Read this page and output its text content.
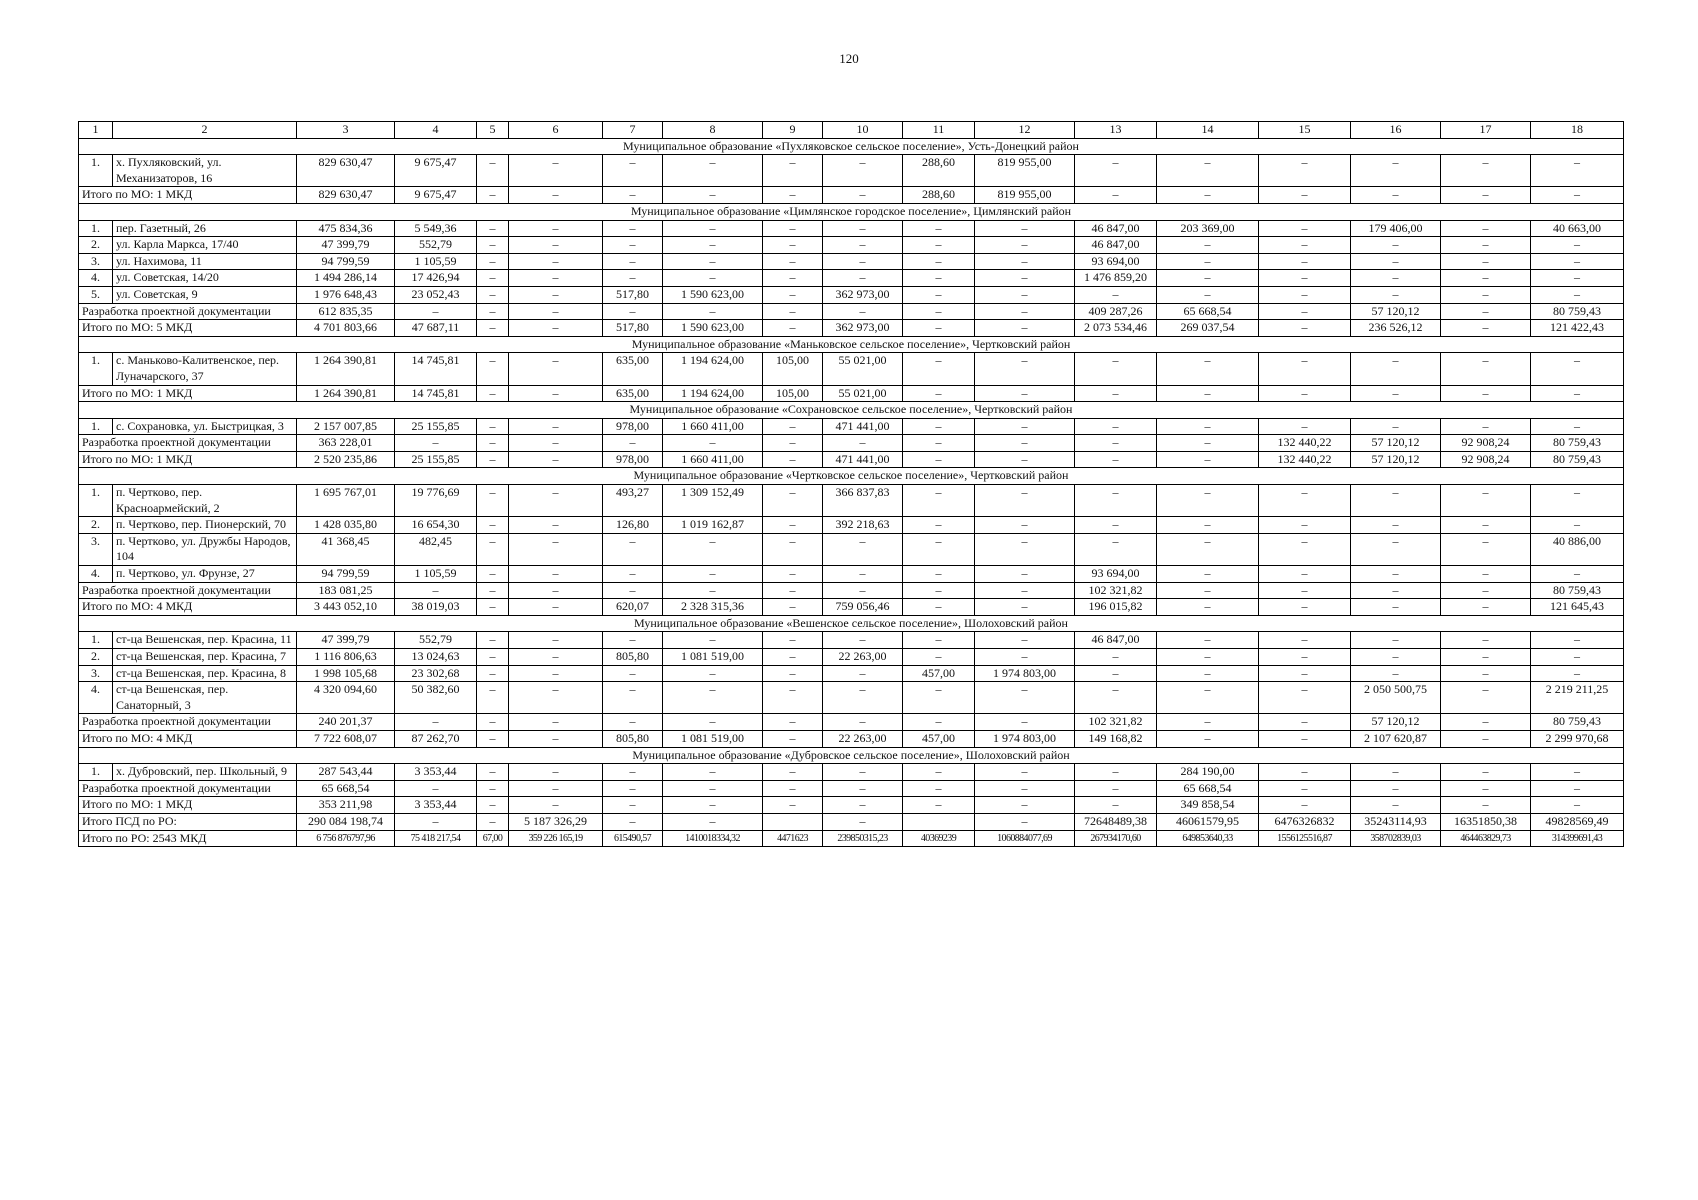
120
1	2	3	4	5	6	7	8	9	10	11	12	13	14	15	16	17	18
Муниципальное образование «Пухляковское сельское поселение», Усть-Донецкий район																	
1.	х. Пухляковский, ул. Механизаторов, 16	829 630,47	9 675,47	–	–	–	–	–	–	288,60	819 955,00	–	–	–	–	–	–
Итого по МО: 1 МКД		829 630,47	9 675,47	–	–	–	–	–	–	288,60	819 955,00	–	–	–	–	–	–
Муниципальное образование «Цимлянское городское поселение», Цимлянский район																	
1.	пер. Газетный, 26	475 834,36	5 549,36	–	–	–	–	–	–	–	–	46 847,00	203 369,00	–	179 406,00	–	40 663,00
2.	ул. Карла Маркса, 17/40	47 399,79	552,79	–	–	–	–	–	–	–	–	46 847,00	–	–	–	–	–
3.	ул. Нахимова, 11	94 799,59	1 105,59	–	–	–	–	–	–	–	–	93 694,00	–	–	–	–	–
4.	ул. Советская, 14/20	1 494 286,14	17 426,94	–	–	–	–	–	–	–	–	1 476 859,20	–	–	–	–	–
5.	ул. Советская, 9	1 976 648,43	23 052,43	–	–	517,80	1 590 623,00	–	362 973,00	–	–	–	–	–	–	–	–
Разработка проектной документации		612 835,35	–	–	–	–	–	–	–	–	–	409 287,26	65 668,54	–	57 120,12	–	80 759,43
Итого по МО: 5 МКД		4 701 803,66	47 687,11	–	–	517,80	1 590 623,00	–	362 973,00	–	–	2 073 534,46	269 037,54	–	236 526,12	–	121 422,43
Муниципальное образование «Маньковское сельское поселение», Чертковский район																	
1.	с. Маньково-Калитвенское, пер. Луначарского, 37	1 264 390,81	14 745,81	–	–	635,00	1 194 624,00	105,00	55 021,00	–	–	–	–	–	–	–	–
Итого по МО: 1 МКД		1 264 390,81	14 745,81	–	–	635,00	1 194 624,00	105,00	55 021,00	–	–	–	–	–	–	–	–
Муниципальное образование «Сохрановское сельское поселение», Чертковский район																	
1.	с. Сохрановка, ул. Быстрицкая, 3	2 157 007,85	25 155,85	–	–	978,00	1 660 411,00	–	471 441,00	–	–	–	–	–	–	–	–
Разработка проектной документации		363 228,01	–	–	–	–	–	–	–	–	–	–	–	132 440,22	57 120,12	92 908,24	80 759,43
Итого по МО: 1 МКД		2 520 235,86	25 155,85	–	–	978,00	1 660 411,00	–	471 441,00	–	–	–	–	132 440,22	57 120,12	92 908,24	80 759,43
Муниципальное образование «Чертковское сельское поселение», Чертковский район																	
1.	п. Чертково, пер. Красноармейский, 2	1 695 767,01	19 776,69	–	–	493,27	1 309 152,49	–	366 837,83	–	–	–	–	–	–	–	–
2.	п. Чертково, пер. Пионерский, 70	1 428 035,80	16 654,30	–	–	126,80	1 019 162,87	–	392 218,63	–	–	–	–	–	–	–	–
3.	п. Чертково, ул. Дружбы Народов, 104	41 368,45	482,45	–	–	–	–	–	–	–	–	–	–	–	–	–	40 886,00
4.	п. Чертково, ул. Фрунзе, 27	94 799,59	1 105,59	–	–	–	–	–	–	–	–	93 694,00	–	–	–	–	–
Разработка проектной документации		183 081,25	–	–	–	–	–	–	–	–	–	102 321,82	–	–	–	–	80 759,43
Итого по МО: 4 МКД		3 443 052,10	38 019,03	–	–	620,07	2 328 315,36	–	759 056,46	–	–	196 015,82	–	–	–	–	121 645,43
Муниципальное образование «Вешенское сельское поселение», Шолоховский район																	
1.	ст-ца Вешенская, пер. Красина, 11	47 399,79	552,79	–	–	–	–	–	–	–	–	46 847,00	–	–	–	–	–
2.	ст-ца Вешенская, пер. Красина, 7	1 116 806,63	13 024,63	–	–	805,80	1 081 519,00	–	22 263,00	–	–	–	–	–	–	–	–
3.	ст-ца Вешенская, пер. Красина, 8	1 998 105,68	23 302,68	–	–	–	–	–	–	457,00	1 974 803,00	–	–	–	–	–	–
4.	ст-ца Вешенская, пер. Санаторный, 3	4 320 094,60	50 382,60	–	–	–	–	–	–	–	–	–	–	–	2 050 500,75	–	2 219 211,25
Разработка проектной документации		240 201,37	–	–	–	–	–	–	–	–	–	102 321,82	–	–	57 120,12	–	80 759,43
Итого по МО: 4 МКД		7 722 608,07	87 262,70	–	–	805,80	1 081 519,00	–	22 263,00	457,00	1 974 803,00	149 168,82	–	–	2 107 620,87	–	2 299 970,68
Муниципальное образование «Дубровское сельское поселение», Шолоховский район																	
1.	х. Дубровский, пер. Школьный, 9	287 543,44	3 353,44	–	–	–	–	–	–	–	–	–	284 190,00	–	–	–	–
Разработка проектной документации		65 668,54	–	–	–	–	–	–	–	–	–	–	65 668,54	–	–	–	–
Итого по МО: 1 МКД		353 211,98	3 353,44	–	–	–	–	–	–	–	–	–	349 858,54	–	–	–	–
Итого ПСД по РО:		290 084 198,74	–	–	5 187 326,29	–	–		–		–	72648489,38	46061579,95	6476326832	35243114,93	16351850,38	49828569,49
Итого по РО: 2543 МКД		6 756 876797,96	75 418 217,54	67,00	359 226 165,19	615490,57	1410018334,32	4471623	239850315,23	40369239	1060884077,69	267934170,60	649853640,33	1556125516,87	358702839,03	464463829,73	314399691,43
